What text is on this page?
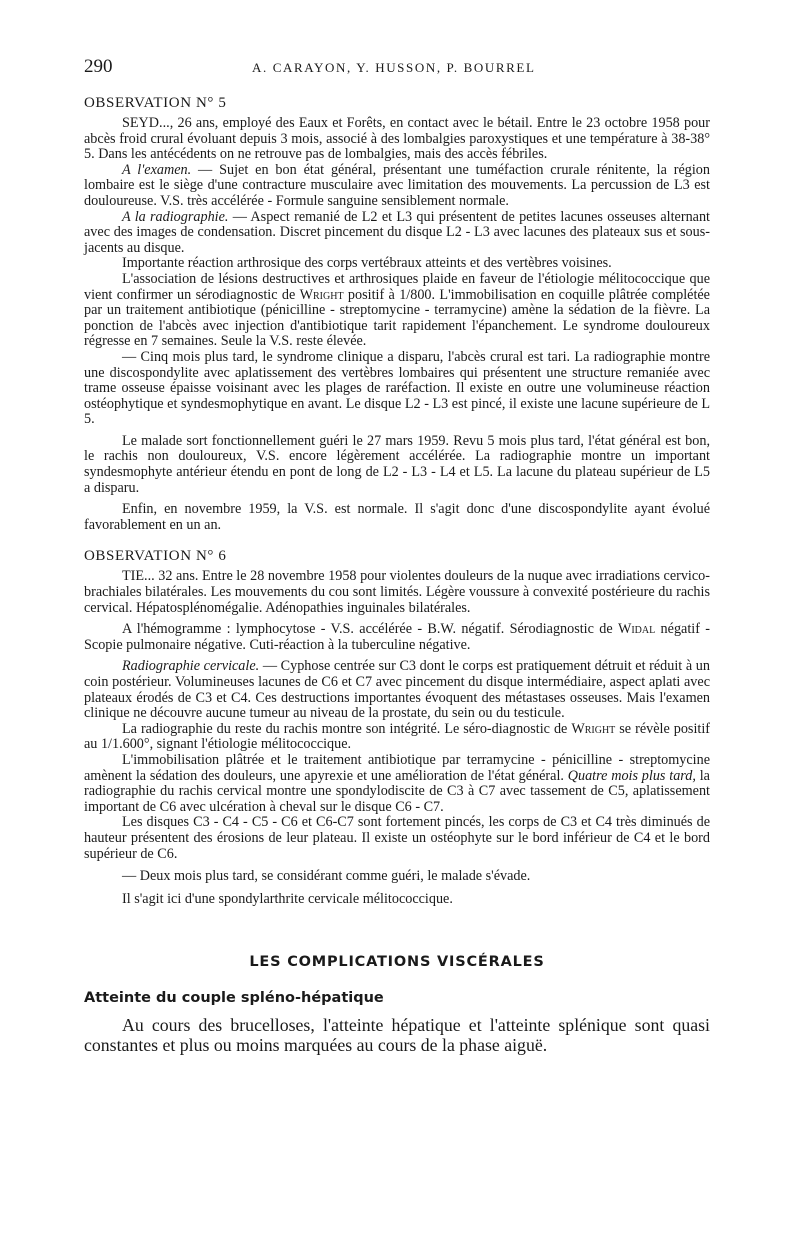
290	A. CARAYON, Y. HUSSON, P. BOURREL
OBSERVATION N° 5

SEYD..., 26 ans, employé des Eaux et Forêts, en contact avec le bétail. Entre le 23 octobre 1958 pour abcès froid crural évoluant depuis 3 mois, associé à des lombalgies paroxystiques et une température à 38-38° 5. Dans les antécédents on ne retrouve pas de lombalgies, mais des accès fébriles.

A l'examen. — Sujet en bon état général, présentant une tuméfaction crurale rénitente, la région lombaire est le siège d'une contracture musculaire avec limitation des mouvements. La percussion de L3 est douloureuse. V.S. très accélérée - Formule sanguine sensiblement normale.

A la radiographie. — Aspect remanié de L2 et L3 qui présentent de petites lacunes osseuses alternant avec des images de condensation. Discret pincement du disque L2 - L3 avec lacunes des plateaux sus et sous-jacents au disque.

Importante réaction arthrosique des corps vertébraux atteints et des vertèbres voisines.

L'association de lésions destructives et arthrosiques plaide en faveur de l'étiologie mélitococcique que vient confirmer un sérodiagnostic de Wright positif à 1/800. L'immobilisation en coquille plâtrée complétée par un traitement antibiotique (pénicilline - streptomycine - terramycine) amène la sédation de la fièvre. La ponction de l'abcès avec injection d'antibiotique tarit rapidement l'épanchement. Le syndrome douloureux régresse en 7 semaines. Seule la V.S. reste élevée.

— Cinq mois plus tard, le syndrome clinique a disparu, l'abcès crural est tari. La radiographie montre une discospondylite avec aplatissement des vertèbres lombaires qui présentent une structure remaniée avec trame osseuse épaisse voisinant avec les plages de raréfaction. Il existe en outre une volumineuse réaction ostéophytique et syndesmophytique en avant. Le disque L2 - L3 est pincé, il existe une lacune supérieure de L 5.

Le malade sort fonctionnellement guéri le 27 mars 1959. Revu 5 mois plus tard, l'état général est bon, le rachis non douloureux, V.S. encore légèrement accélérée. La radiographie montre un important syndesmophyte antérieur étendu en pont de long de L2 - L3 - L4 et L5. La lacune du plateau supérieur de L5 a disparu.

Enfin, en novembre 1959, la V.S. est normale. Il s'agit donc d'une discospondylite ayant évolué favorablement en un an.

OBSERVATION N° 6

TIE... 32 ans. Entre le 28 novembre 1958 pour violentes douleurs de la nuque avec irradiations cervico-brachiales bilatérales. Les mouvements du cou sont limités. Légère voussure à convexité postérieure du rachis cervical. Hépatosplénomégalie. Adénopathies inguinales bilatérales.

A l'hémogramme : lymphocytose - V.S. accélérée - B.W. négatif. Sérodiagnostic de Widal négatif - Scopie pulmonaire négative. Cuti-réaction à la tuberculine négative.

Radiographie cervicale. — Cyphose centrée sur C3 dont le corps est pratiquement détruit et réduit à un coin postérieur. Volumineuses lacunes de C6 et C7 avec pincement du disque intermédiaire, aspect aplati avec plateaux érodés de C3 et C4. Ces destructions importantes évoquent des métastases osseuses. Mais l'examen clinique ne découvre aucune tumeur au niveau de la prostate, du sein ou du testicule.

La radiographie du reste du rachis montre son intégrité. Le séro-diagnostic de Wright se révèle positif au 1/1.600°, signant l'étiologie mélitococcique.

L'immobilisation plâtrée et le traitement antibiotique par terramycine - pénicilline - streptomycine amènent la sédation des douleurs, une apyrexie et une amélioration de l'état général. Quatre mois plus tard, la radiographie du rachis cervical montre une spondylodiscite de C3 à C7 avec tassement de C5, aplatissement important de C6 avec ulcération à cheval sur le disque C6 - C7.

Les disques C3 - C4 - C5 - C6 et C6-C7 sont fortement pincés, les corps de C3 et C4 très diminués de hauteur présentent des érosions de leur plateau. Il existe un ostéophyte sur le bord inférieur de C4 et le bord supérieur de C6.

— Deux mois plus tard, se considérant comme guéri, le malade s'évade.

Il s'agit ici d'une spondylarthrite cervicale mélitococcique.

LES COMPLICATIONS VISCÉRALES
Atteinte du couple spléno-hépatique

Au cours des brucelloses, l'atteinte hépatique et l'atteinte splénique sont quasi constantes et plus ou moins marquées au cours de la phase aiguë.
